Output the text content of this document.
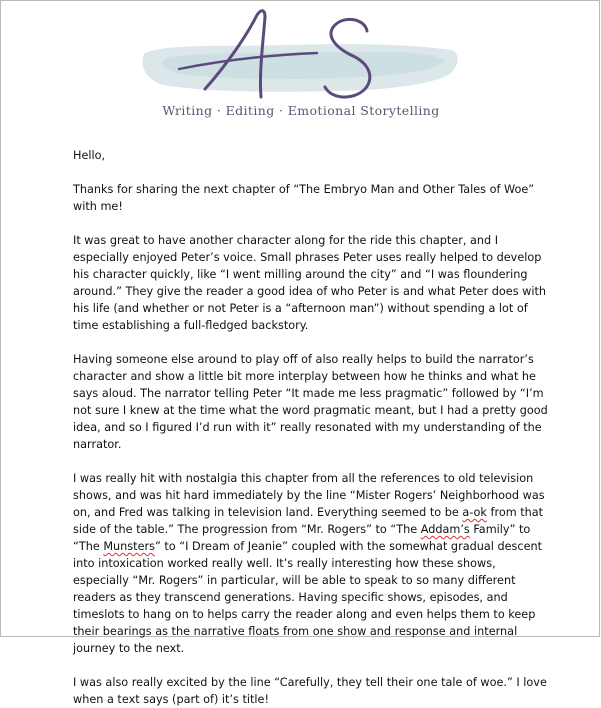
Writing · Editing · Emotional Storytelling

Hello,

Thanks for sharing the next chapter of “The Embryo Man and Other Tales of Woe” with me!

It was great to have another character along for the ride this chapter, and I especially enjoyed Peter’s voice. Small phrases Peter uses really helped to develop his character quickly, like “I went milling around the city” and “I was floundering around.” They give the reader a good idea of who Peter is and what Peter does with his life (and whether or not Peter is a “afternoon man”) without spending a lot of time establishing a full-fledged backstory.

Having someone else around to play off of also really helps to build the narrator’s character and show a little bit more interplay between how he thinks and what he says aloud. The narrator telling Peter “It made me less pragmatic” followed by “I’m not sure I knew at the time what the word pragmatic meant, but I had a pretty good idea, and so I figured I’d run with it” really resonated with my understanding of the narrator.

I was really hit with nostalgia this chapter from all the references to old television shows, and was hit hard immediately by the line “Mister Rogers’ Neighborhood was on, and Fred was talking in television land. Everything seemed to be a-ok from that side of the table.” The progression from “Mr. Rogers” to “The Addam’s Family” to “The Munsters” to “I Dream of Jeanie” coupled with the somewhat gradual descent into intoxication worked really well. It’s really interesting how these shows, especially “Mr. Rogers” in particular, will be able to speak to so many different readers as they transcend generations. Having specific shows, episodes, and timeslots to hang on to helps carry the reader along and even helps them to keep their bearings as the narrative floats from one show and response and internal journey to the next.

I was also really excited by the line “Carefully, they tell their one tale of woe.” I love when a text says (part of) it’s title!
